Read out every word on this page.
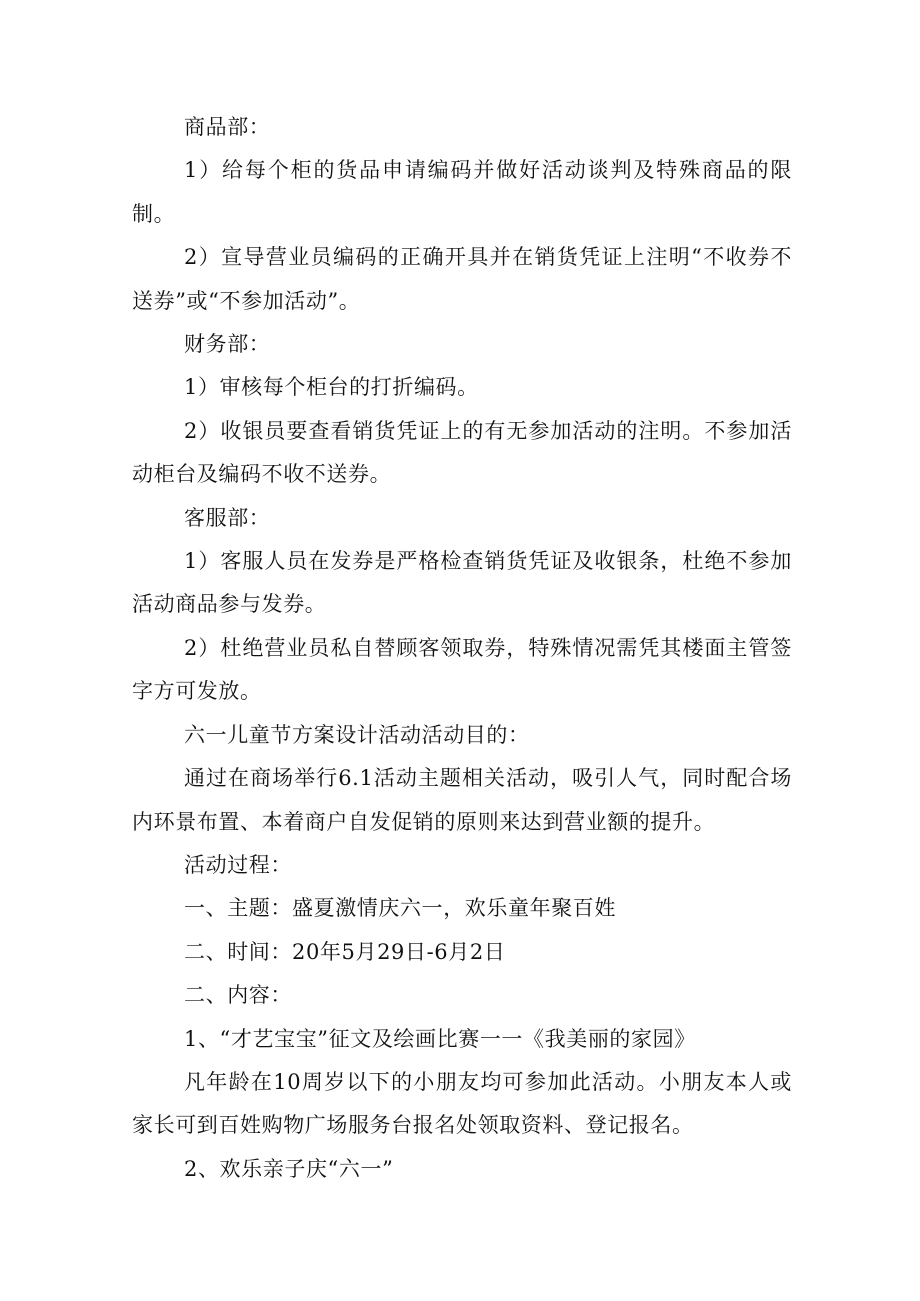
商品部：

1）给每个柜的货品申请编码并做好活动谈判及特殊商品的限制。

2）宣导营业员编码的正确开具并在销货凭证上注明“不收券不送券”或“不参加活动”。

财务部：

1）审核每个柜台的打折编码。

2）收银员要查看销货凭证上的有无参加活动的注明。不参加活动柜台及编码不收不送券。

客服部：

1）客服人员在发券是严格检查销货凭证及收银条，杜绝不参加活动商品参与发券。

2）杜绝营业员私自替顾客领取券，特殊情况需凭其楼面主管签字方可发放。

六一儿童节方案设计活动活动目的：

通过在商场举行6.1活动主题相关活动，吸引人气，同时配合场内环景布置、本着商户自发促销的原则来达到营业额的提升。

活动过程：

一、主题：盛夏激情庆六一，欢乐童年聚百姓

二、时间：20年5月29日-6月2日

二、内容：

1、“才艺宝宝”征文及绘画比赛一一《我美丽的家园》

凡年龄在10周岁以下的小朋友均可参加此活动。小朋友本人或家长可到百姓购物广场服务台报名处领取资料、登记报名。

2、欢乐亲子庆“六一”
